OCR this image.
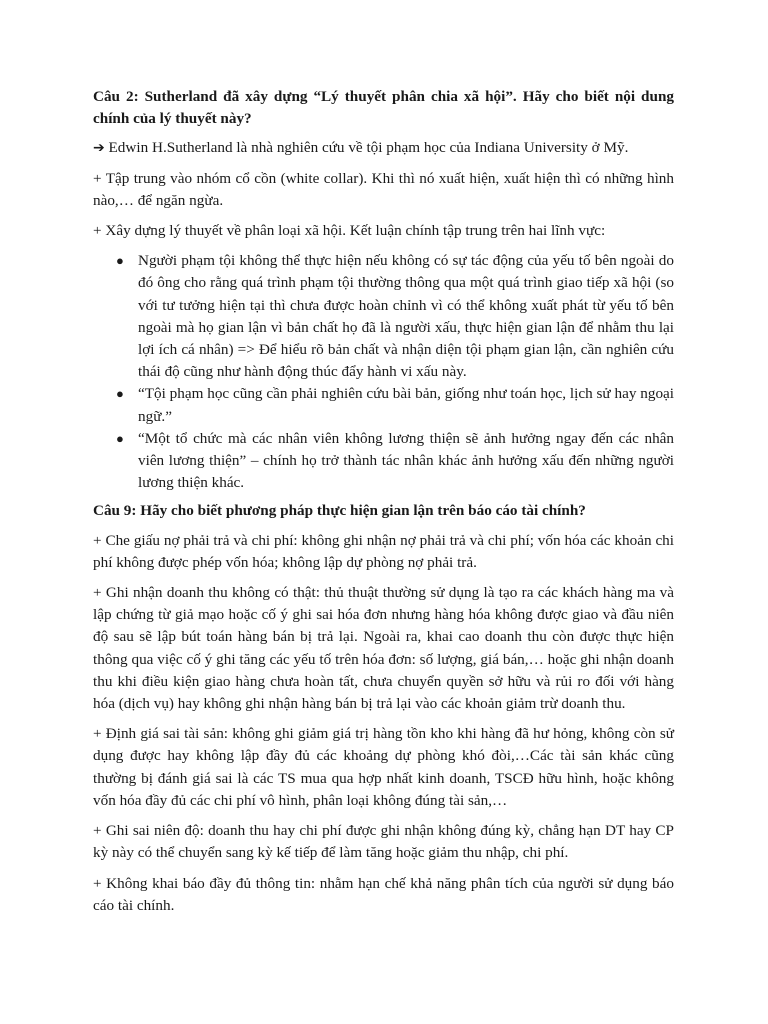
Câu 2: Sutherland đã xây dựng “Lý thuyết phân chia xã hội”. Hãy cho biết nội dung chính của lý thuyết này?

➔ Edwin H.Sutherland là nhà nghiên cứu về tội phạm học của Indiana University ở Mỹ.

+ Tập trung vào nhóm cổ cồn (white collar). Khi thì nó xuất hiện, xuất hiện thì có những hình nào,… để ngăn ngừa.

+ Xây dựng lý thuyết về phân loại xã hội. Kết luận chính tập trung trên hai lĩnh vực:

● Người phạm tội không thể thực hiện nếu không có sự tác động của yếu tố bên ngoài do đó ông cho rằng quá trình phạm tội thường thông qua một quá trình giao tiếp xã hội (so với tư tưởng hiện tại thì chưa được hoàn chỉnh vì có thể không xuất phát từ yếu tố bên ngoài mà họ gian lận vì bản chất họ đã là người xấu, thực hiện gian lận để nhằm thu lại lợi ích cá nhân) => Để hiểu rõ bản chất và nhận diện tội phạm gian lận, cần nghiên cứu thái độ cũng như hành động thúc đẩy hành vi xấu này.
● “Tội phạm học cũng cần phải nghiên cứu bài bản, giống như toán học, lịch sử hay ngoại ngữ.”
● “Một tổ chức mà các nhân viên không lương thiện sẽ ảnh hưởng ngay đến các nhân viên lương thiện” – chính họ trở thành tác nhân khác ảnh hưởng xấu đến những người lương thiện khác.

Câu 9: Hãy cho biết phương pháp thực hiện gian lận trên báo cáo tài chính?

+ Che giấu nợ phải trả và chi phí: không ghi nhận nợ phải trả và chi phí; vốn hóa các khoản chi phí không được phép vốn hóa; không lập dự phòng nợ phải trả.

+ Ghi nhận doanh thu không có thật: thủ thuật thường sử dụng là tạo ra các khách hàng ma và lập chứng từ giả mạo hoặc cố ý ghi sai hóa đơn nhưng hàng hóa không được giao và đầu niên độ sau sẽ lập bút toán hàng bán bị trả lại. Ngoài ra, khai cao doanh thu còn được thực hiện thông qua việc cố ý ghi tăng các yếu tố trên hóa đơn: số lượng, giá bán,… hoặc ghi nhận doanh thu khi điều kiện giao hàng chưa hoàn tất, chưa chuyển quyền sở hữu và rủi ro đối với hàng hóa (dịch vụ) hay không ghi nhận hàng bán bị trả lại vào các khoản giảm trừ doanh thu.

+ Định giá sai tài sản: không ghi giảm giá trị hàng tồn kho khi hàng đã hư hỏng, không còn sử dụng được hay không lập đầy đủ các khoảng dự phòng khó đòi,…Các tài sản khác cũng thường bị đánh giá sai là các TS mua qua hợp nhất kinh doanh, TSCĐ hữu hình, hoặc không vốn hóa đầy đủ các chi phí vô hình, phân loại không đúng tài sản,…

+ Ghi sai niên độ: doanh thu hay chi phí được ghi nhận không đúng kỳ, chẳng hạn DT hay CP kỳ này có thể chuyển sang kỳ kế tiếp để làm tăng hoặc giảm thu nhập, chi phí.

+ Không khai báo đầy đủ thông tin: nhằm hạn chế khả năng phân tích của người sử dụng báo cáo tài chính.
